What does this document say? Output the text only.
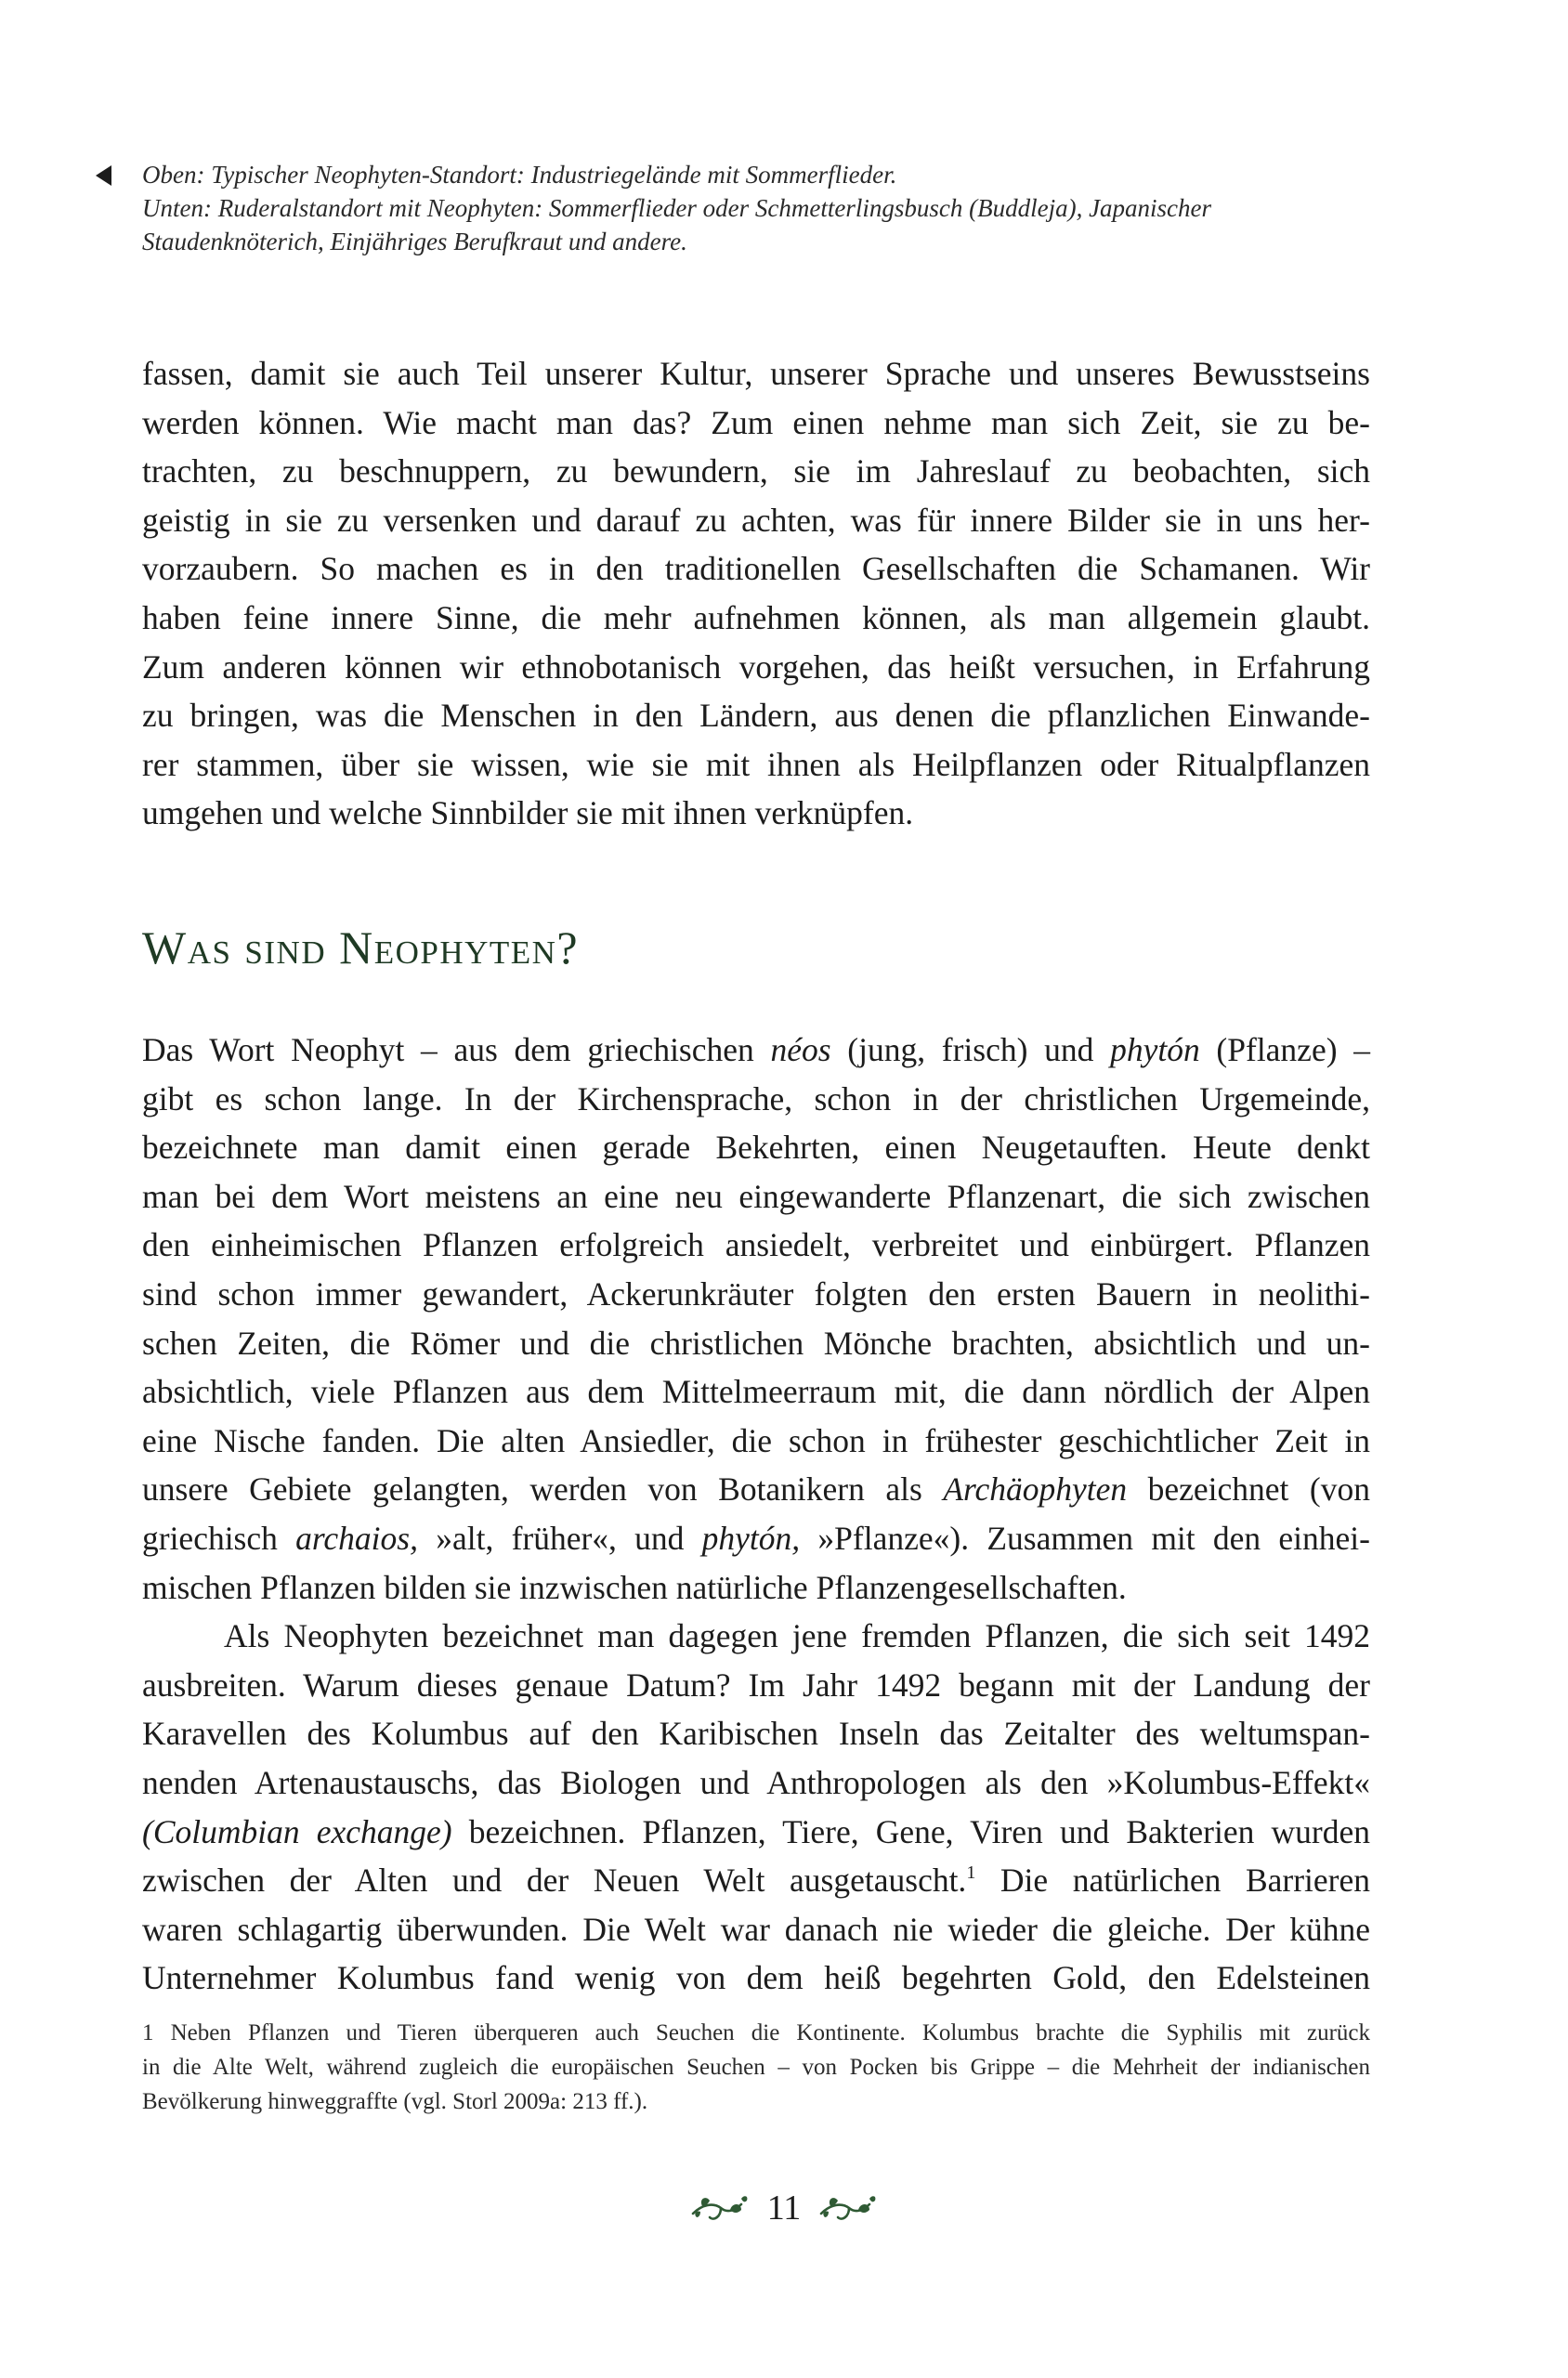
Oben: Typischer Neophyten-Standort: Industriegelände mit Sommerflieder.
Unten: Ruderalstandort mit Neophyten: Sommerflieder oder Schmetterlingsbusch (Buddleja), Japanischer
Staudenknöterich, Einjähriges Berufkraut und andere.
fassen, damit sie auch Teil unserer Kultur, unserer Sprache und unseres Bewusstseins
werden können. Wie macht man das? Zum einen nehme man sich Zeit, sie zu be-
trachten, zu beschnuppern, zu bewundern, sie im Jahreslauf zu beobachten, sich
geistig in sie zu versenken und darauf zu achten, was für innere Bilder sie in uns her-
vorzaubern. So machen es in den traditionellen Gesellschaften die Schamanen. Wir
haben feine innere Sinne, die mehr aufnehmen können, als man allgemein glaubt.
Zum anderen können wir ethnobotanisch vorgehen, das heißt versuchen, in Erfahrung
zu bringen, was die Menschen in den Ländern, aus denen die pflanzlichen Einwande-
rer stammen, über sie wissen, wie sie mit ihnen als Heilpflanzen oder Ritualpflanzen
umgehen und welche Sinnbilder sie mit ihnen verknüpfen.
Was sind Neophyten?
Das Wort Neophyt – aus dem griechischen néos (jung, frisch) und phytón (Pflanze) –
gibt es schon lange. In der Kirchensprache, schon in der christlichen Urgemeinde,
bezeichnete man damit einen gerade Bekehrten, einen Neugetauften. Heute denkt
man bei dem Wort meistens an eine neu eingewanderte Pflanzenart, die sich zwischen
den einheimischen Pflanzen erfolgreich ansiedelt, verbreitet und einbürgert. Pflanzen
sind schon immer gewandert, Ackerunkräuter folgten den ersten Bauern in neolithi-
schen Zeiten, die Römer und die christlichen Mönche brachten, absichtlich und un-
absichtlich, viele Pflanzen aus dem Mittelmeerraum mit, die dann nördlich der Alpen
eine Nische fanden. Die alten Ansiedler, die schon in frühester geschichtlicher Zeit in
unsere Gebiete gelangten, werden von Botanikern als Archäophyten bezeichnet (von
griechisch archaios, »alt, früher«, und phytón, »Pflanze«). Zusammen mit den einhei-
mischen Pflanzen bilden sie inzwischen natürliche Pflanzengesellschaften.
Als Neophyten bezeichnet man dagegen jene fremden Pflanzen, die sich seit 1492
ausbreiten. Warum dieses genaue Datum? Im Jahr 1492 begann mit der Landung der
Karavellen des Kolumbus auf den Karibischen Inseln das Zeitalter des weltumspan-
nenden Artenaustauschs, das Biologen und Anthropologen als den »Kolumbus-Effekt«
(Columbian exchange) bezeichnen. Pflanzen, Tiere, Gene, Viren und Bakterien wurden
zwischen der Alten und der Neuen Welt ausgetauscht.$^1$ Die natürlichen Barrieren
waren schlagartig überwunden. Die Welt war danach nie wieder die gleiche. Der kühne
Unternehmer Kolumbus fand wenig von dem heiß begehrten Gold, den Edelsteinen
1 Neben Pflanzen und Tieren überqueren auch Seuchen die Kontinente. Kolumbus brachte die Syphilis mit zurück
in die Alte Welt, während zugleich die europäischen Seuchen – von Pocken bis Grippe – die Mehrheit der indianischen
Bevölkerung hinweggraffte (vgl. Storl 2009a: 213 ff.).
11
